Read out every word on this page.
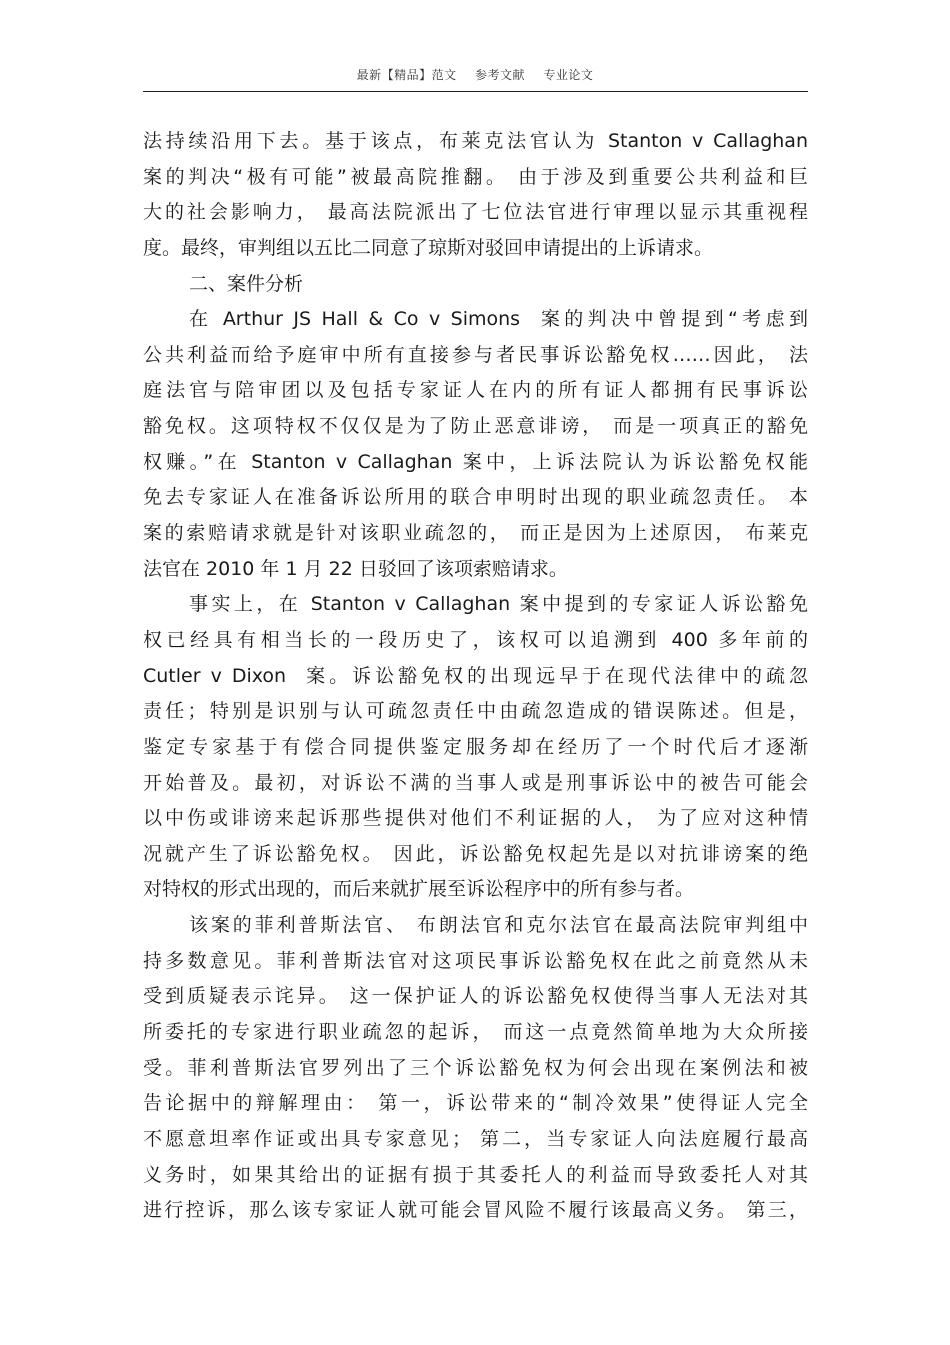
最新【精品】范文 参考文献 专业论文
法持续沿用下去。基于该点，布莱克法官认为 Stanton v Callaghan
案的判决“极有可能”被最高院推翻。 由于涉及到重要公共利益和巨
大的社会影响力， 最高法院派出了七位法官进行审理以显示其重视程
度。最终，审判组以五比二同意了琼斯对驳回申请提出的上诉请求。
二、案件分析
在 Arthur JS Hall & Co v Simons  案的判决中曾提到“考虑到
公共利益而给予庭审中所有直接参与者民事诉讼豁免权……因此， 法
庭法官与陪审团以及包括专家证人在内的所有证人都拥有民事诉讼
豁免权。这项特权不仅仅是为了防止恶意诽谤， 而是一项真正的豁免
权赚。”在 Stanton v Callaghan 案中，上诉法院认为诉讼豁免权能
免去专家证人在准备诉讼所用的联合申明时出现的职业疏忽责任。 本
案的索赔请求就是针对该职业疏忽的， 而正是因为上述原因， 布莱克
法官在 2010 年 1 月 22 日驳回了该项索赔请求。
事实上，在 Stanton v Callaghan 案中提到的专家证人诉讼豁免
权已经具有相当长的一段历史了，该权可以追溯到 400 多年前的
Cutler v Dixon  案。诉讼豁免权的出现远早于在现代法律中的疏忽
责任；特别是识别与认可疏忽责任中由疏忽造成的错误陈述。但是，
鉴定专家基于有偿合同提供鉴定服务却在经历了一个时代后才逐渐
开始普及。最初，对诉讼不满的当事人或是刑事诉讼中的被告可能会
以中伤或诽谤来起诉那些提供对他们不利证据的人， 为了应对这种情
况就产生了诉讼豁免权。 因此，诉讼豁免权起先是以对抗诽谤案的绝
对特权的形式出现的，而后来就扩展至诉讼程序中的所有参与者。
该案的菲利普斯法官、 布朗法官和克尔法官在最高法院审判组中
持多数意见。菲利普斯法官对这项民事诉讼豁免权在此之前竟然从未
受到质疑表示诧异。 这一保护证人的诉讼豁免权使得当事人无法对其
所委托的专家进行职业疏忽的起诉， 而这一点竟然简单地为大众所接
受。菲利普斯法官罗列出了三个诉讼豁免权为何会出现在案例法和被
告论据中的辩解理由： 第一，诉讼带来的“制冷效果”使得证人完全
不愿意坦率作证或出具专家意见； 第二，当专家证人向法庭履行最高
义务时，如果其给出的证据有损于其委托人的利益而导致委托人对其
进行控诉，那么该专家证人就可能会冒风险不履行该最高义务。 第三，
